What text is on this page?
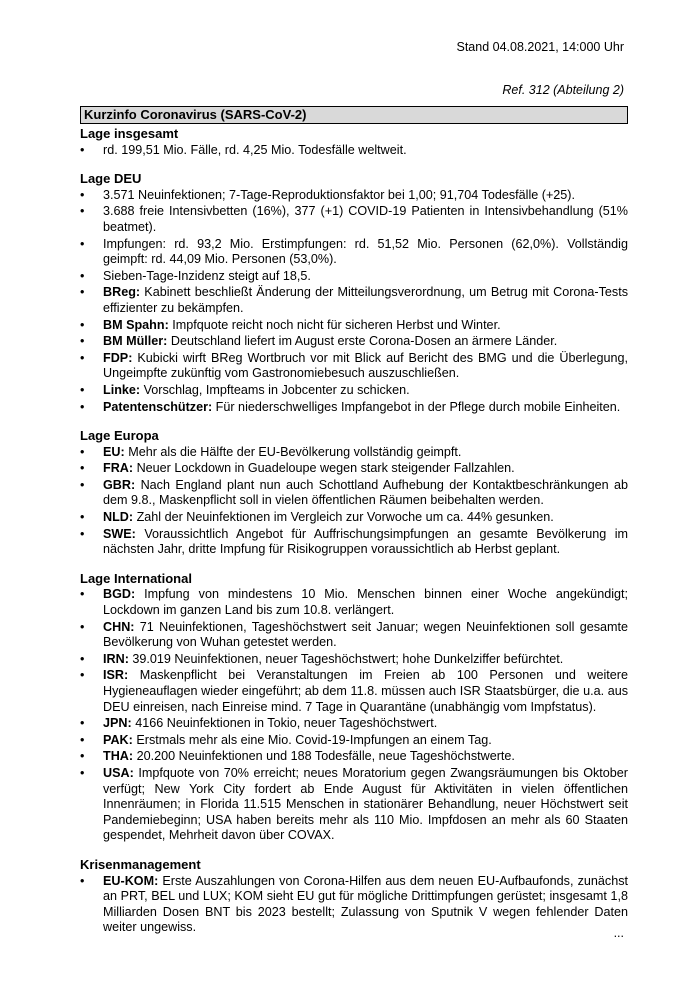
Stand 04.08.2021, 14:000 Uhr
Ref. 312 (Abteilung 2)
Kurzinfo Coronavirus (SARS-CoV-2)
Lage insgesamt
• rd. 199,51 Mio. Fälle, rd. 4,25 Mio. Todesfälle weltweit.
Lage DEU
• 3.571 Neuinfektionen; 7-Tage-Reproduktionsfaktor bei 1,00; 91,704 Todesfälle (+25).
• 3.688 freie Intensivbetten (16%), 377 (+1) COVID-19 Patienten in Intensivbehandlung (51% beatmet).
• Impfungen: rd. 93,2 Mio. Erstimpfungen: rd. 51,52 Mio. Personen (62,0%). Vollständig geimpft: rd. 44,09 Mio. Personen (53,0%).
• Sieben-Tage-Inzidenz steigt auf 18,5.
• BReg: Kabinett beschließt Änderung der Mitteilungsverordnung, um Betrug mit Corona-Tests effizienter zu bekämpfen.
• BM Spahn: Impfquote reicht noch nicht für sicheren Herbst und Winter.
• BM Müller: Deutschland liefert im August erste Corona-Dosen an ärmere Länder.
• FDP: Kubicki wirft BReg Wortbruch vor mit Blick auf Bericht des BMG und die Überlegung, Ungeimpfte zukünftig vom Gastronomiebesuch auszuschließen.
• Linke: Vorschlag, Impfteams in Jobcenter zu schicken.
• Patentenschützer: Für niederschwelliges Impfangebot in der Pflege durch mobile Einheiten.
Lage Europa
• EU: Mehr als die Hälfte der EU-Bevölkerung vollständig geimpft.
• FRA: Neuer Lockdown in Guadeloupe wegen stark steigender Fallzahlen.
• GBR: Nach England plant nun auch Schottland Aufhebung der Kontaktbeschränkungen ab dem 9.8., Maskenpflicht soll in vielen öffentlichen Räumen beibehalten werden.
• NLD: Zahl der Neuinfektionen im Vergleich zur Vorwoche um ca. 44% gesunken.
• SWE: Voraussichtlich Angebot für Auffrischungsimpfungen an gesamte Bevölkerung im nächsten Jahr, dritte Impfung für Risikogruppen voraussichtlich ab Herbst geplant.
Lage International
• BGD: Impfung von mindestens 10 Mio. Menschen binnen einer Woche angekündigt; Lockdown im ganzen Land bis zum 10.8. verlängert.
• CHN: 71 Neuinfektionen, Tageshöchstwert seit Januar; wegen Neuinfektionen soll gesamte Bevölkerung von Wuhan getestet werden.
• IRN: 39.019 Neuinfektionen, neuer Tageshöchstwert; hohe Dunkelziffer befürchtet.
• ISR: Maskenpflicht bei Veranstaltungen im Freien ab 100 Personen und weitere Hygieneauflagen wieder eingeführt; ab dem 11.8. müssen auch ISR Staatsbürger, die u.a. aus DEU einreisen, nach Einreise mind. 7 Tage in Quarantäne (unabhängig vom Impfstatus).
• JPN: 4166 Neuinfektionen in Tokio, neuer Tageshöchstwert.
• PAK: Erstmals mehr als eine Mio. Covid-19-Impfungen an einem Tag.
• THA: 20.200 Neuinfektionen und 188 Todesfälle, neue Tageshöchstwerte.
• USA: Impfquote von 70% erreicht; neues Moratorium gegen Zwangsräumungen bis Oktober verfügt; New York City fordert ab Ende August für Aktivitäten in vielen öffentlichen Innenräumen; in Florida 11.515 Menschen in stationärer Behandlung, neuer Höchstwert seit Pandemiebeginn; USA haben bereits mehr als 110 Mio. Impfdosen an mehr als 60 Staaten gespendet, Mehrheit davon über COVAX.
Krisenmanagement
• EU-KOM: Erste Auszahlungen von Corona-Hilfen aus dem neuen EU-Aufbaufonds, zunächst an PRT, BEL und LUX; KOM sieht EU gut für mögliche Drittimpfungen gerüstet; insgesamt 1,8 Milliarden Dosen BNT bis 2023 bestellt; Zulassung von Sputnik V wegen fehlender Daten weiter ungewiss.	...
